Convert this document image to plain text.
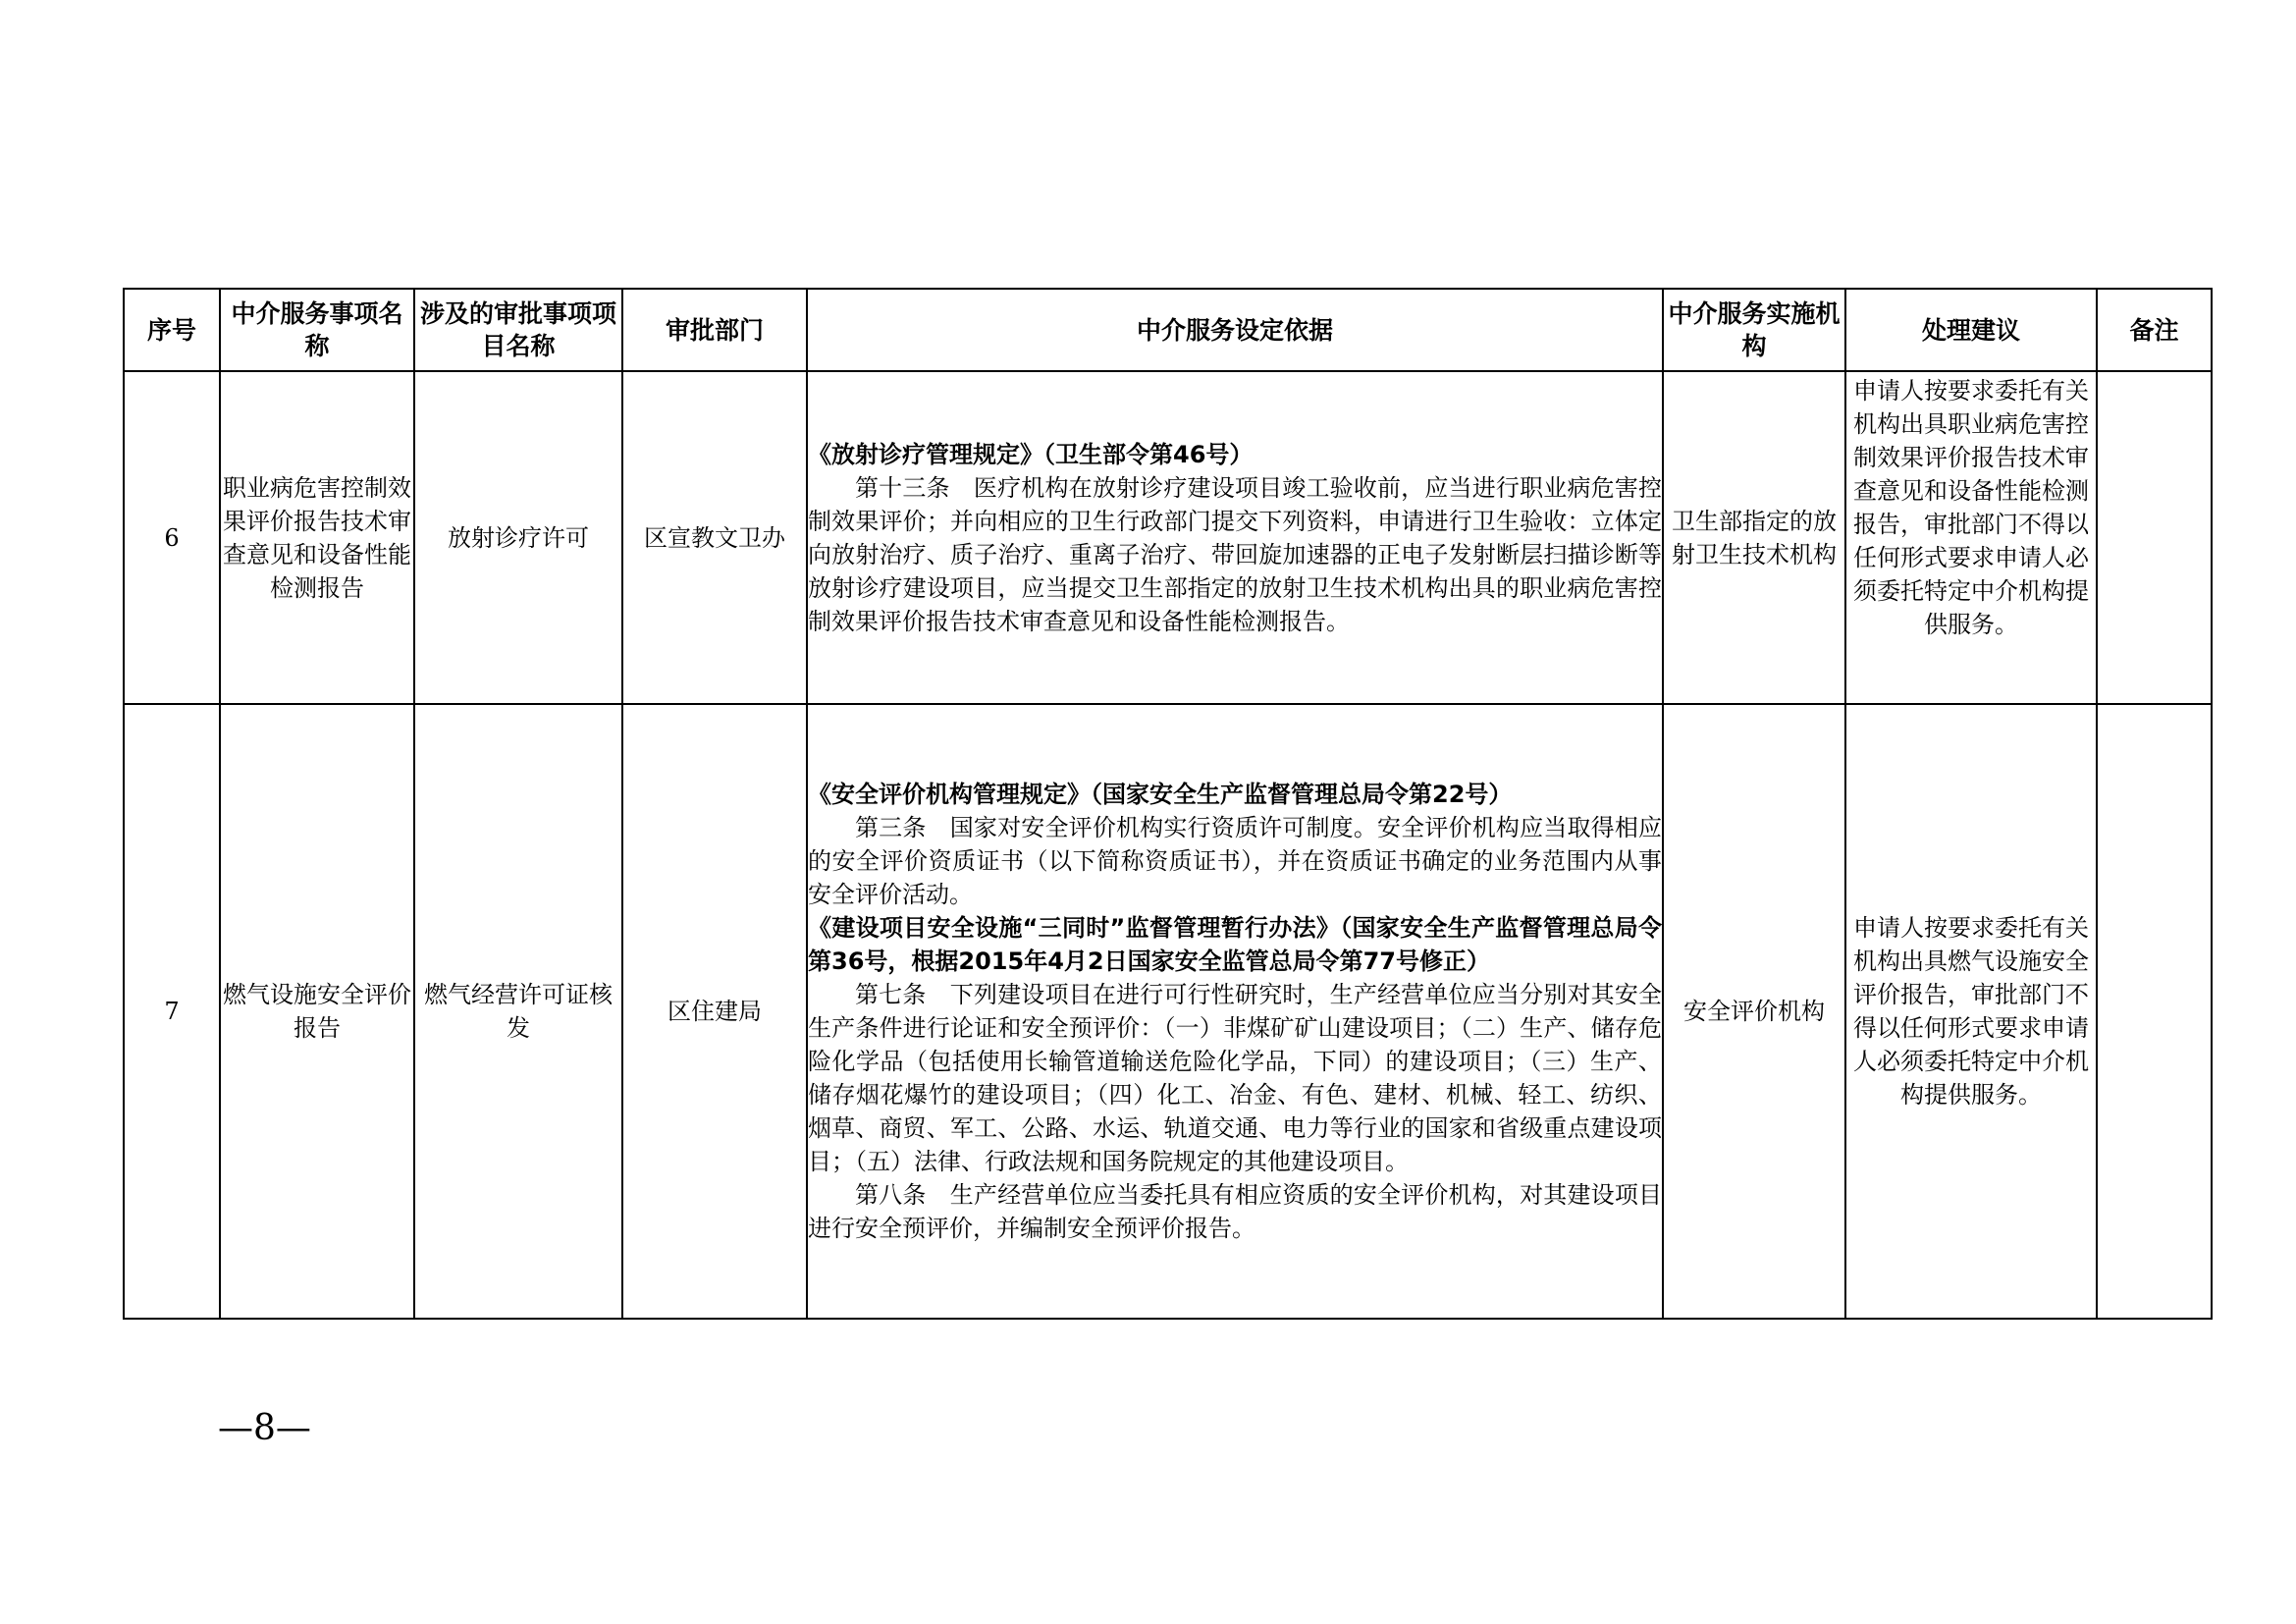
序号	中介服务事项名称	涉及的审批事项项目名称	审批部门	中介服务设定依据	中介服务实施机构	处理建议	备注
6	职业病危害控制效果评价报告技术审查意见和设备性能检测报告	放射诊疗许可	区宣教文卫办	《放射诊疗管理规定》（卫生部令第46号）

第十三条　医疗机构在放射诊疗建设项目竣工验收前，应当进行职业病危害控制效果评价；并向相应的卫生行政部门提交下列资料，申请进行卫生验收：立体定向放射治疗、质子治疗、重离子治疗、带回旋加速器的正电子发射断层扫描诊断等放射诊疗建设项目，应当提交卫生部指定的放射卫生技术机构出具的职业病危害控制效果评价报告技术审查意见和设备性能检测报告。	卫生部指定的放射卫生技术机构	申请人按要求委托有关机构出具职业病危害控制效果评价报告技术审查意见和设备性能检测报告，审批部门不得以任何形式要求申请人必须委托特定中介机构提供服务。	
7	燃气设施安全评价报告	燃气经营许可证核发	区住建局	《安全评价机构管理规定》（国家安全生产监督管理总局令第22号）

第三条　国家对安全评价机构实行资质许可制度。安全评价机构应当取得相应的安全评价资质证书（以下简称资质证书），并在资质证书确定的业务范围内从事安全评价活动。

《建设项目安全设施“三同时”监督管理暂行办法》（国家安全生产监督管理总局令第36号，根据2015年4月2日国家安全监管总局令第77号修正）

第七条　下列建设项目在进行可行性研究时，生产经营单位应当分别对其安全生产条件进行论证和安全预评价：（一）非煤矿矿山建设项目；（二）生产、储存危险化学品（包括使用长输管道输送危险化学品，下同）的建设项目；（三）生产、储存烟花爆竹的建设项目；（四）化工、冶金、有色、建材、机械、轻工、纺织、烟草、商贸、军工、公路、水运、轨道交通、电力等行业的国家和省级重点建设项目；（五）法律、行政法规和国务院规定的其他建设项目。

第八条　生产经营单位应当委托具有相应资质的安全评价机构，对其建设项目进行安全预评价，并编制安全预评价报告。	安全评价机构	申请人按要求委托有关机构出具燃气设施安全评价报告，审批部门不得以任何形式要求申请人必须委托特定中介机构提供服务。	
—8—
